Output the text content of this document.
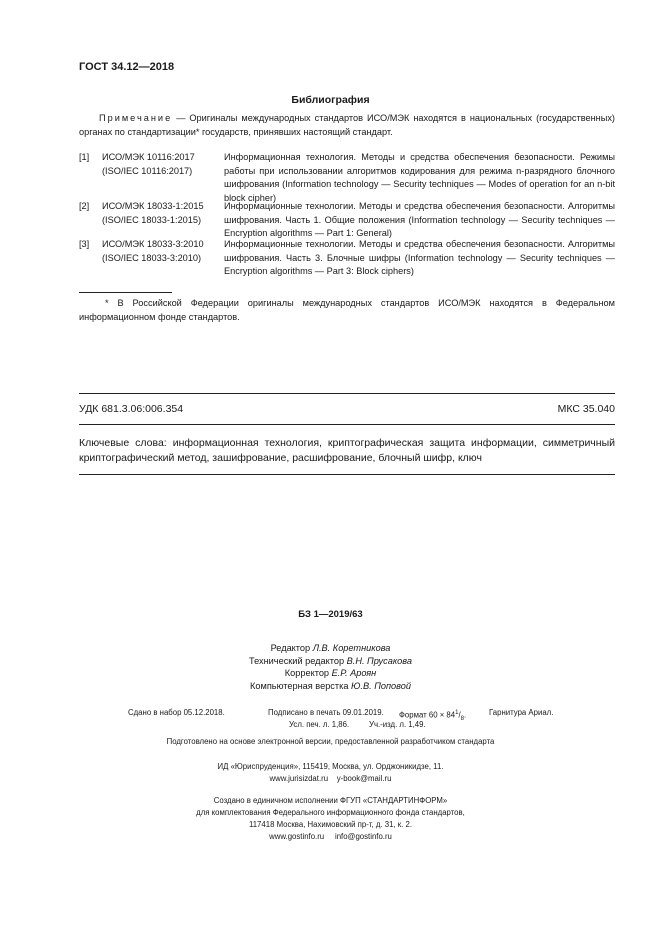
ГОСТ 34.12—2018
Библиография
Примечание — Оригиналы международных стандартов ИСО/МЭК находятся в национальных (государственных) органах по стандартизации* государств, принявших настоящий стандарт.
[1] ИСО/МЭК 10116:2017
(ISO/IEC 10116:2017)
Информационная технология. Методы и средства обеспечения безопасности. Режимы работы при использовании алгоритмов кодирования для режима n-разрядного блочного шифрования (Information technology — Security techniques — Modes of operation for an n-bit block cipher)
[2] ИСО/МЭК 18033-1:2015
(ISO/IEC 18033-1:2015)
Информационные технологии. Методы и средства обеспечения безопасности. Алгоритмы шифрования. Часть 1. Общие положения (Information technology — Security techniques — Encryption algorithms — Part 1: General)
[3] ИСО/МЭК 18033-3:2010
(ISO/IEC 18033-3:2010)
Информационные технологии. Методы и средства обеспечения безопасности. Алгоритмы шифрования. Часть 3. Блочные шифры (Information technology — Security techniques — Encryption algorithms — Part 3: Block ciphers)
* В Российской Федерации оригиналы международных стандартов ИСО/МЭК находятся в Федеральном информационном фонде стандартов.
УДК 681.3.06:006.354	МКС 35.040
Ключевые слова: информационная технология, криптографическая защита информации, симметричный криптографический метод, зашифрование, расшифрование, блочный шифр, ключ
БЗ 1—2019/63
Редактор Л.В. Коретникова
Технический редактор В.Н. Прусакова
Корректор Е.Р. Ароян
Компьютерная верстка Ю.В. Поповой
Сдано в набор 05.12.2018.	Подписано в печать 09.01.2019. Формат $60 \times 84^1/_8$.	Гарнитура Ариал.
Усл. печ. л. 1,86.	Уч.-изд. л. 1,49.
Подготовлено на основе электронной версии, предоставленной разработчиком стандарта
ИД «Юриспруденция», 115419, Москва, ул. Орджоникидзе, 11.
www.jurisizdat.ru y-book@mail.ru
Создано в единичном исполнении ФГУП «СТАНДАРТИНФОРМ»
для комплектования Федерального информационного фонда стандартов,
117418 Москва, Нахимовский пр-т, д. 31, к. 2.
www.gostinfo.ru info@gostinfo.ru
